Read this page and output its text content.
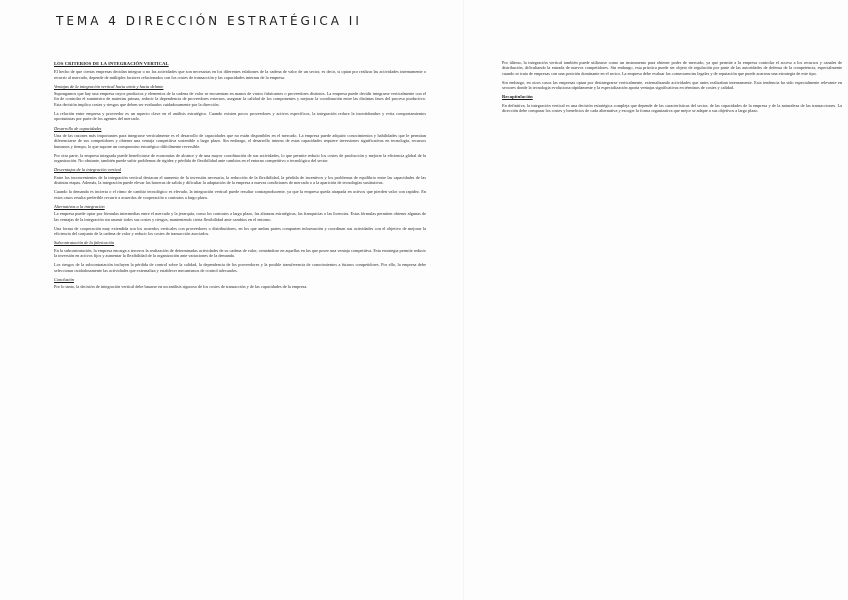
TEMA 4 DIRECCIÓN ESTRATÉGICA II
LOS CRITERIOS DE LA INTEGRACIÓN VERTICAL
El hecho de que ciertas empresas decidan integrar o no las actividades que son necesarias en los diferentes eslabones de la cadena de valor de un sector, es decir, si optan por realizar las actividades internamente o recurrir al mercado, depende de múltiples factores relacionados con los costes de transacción y las capacidades internas de la empresa.
Ventajas de la integración vertical hacia atrás y hacia delante
Supongamos que hay una empresa cuyos productos y elementos de la cadena de valor se encuentran en manos de varios fabricantes o proveedores distintos. La empresa puede decidir integrarse verticalmente con el fin de controlar el suministro de materias primas, reducir la dependencia de proveedores externos, asegurar la calidad de los componentes y mejorar la coordinación entre las distintas fases del proceso productivo. Esta decisión implica costes y riesgos que deben ser evaluados cuidadosamente por la dirección.
La relación entre empresa y proveedor es un aspecto clave en el análisis estratégico. Cuando existen pocos proveedores y activos específicos, la integración reduce la incertidumbre y evita comportamientos oportunistas por parte de los agentes del mercado.
Desarrollo de capacidades
Una de las razones más importantes para integrarse verticalmente es el desarrollo de capacidades que no están disponibles en el mercado. La empresa puede adquirir conocimientos y habilidades que le permitan diferenciarse de sus competidores y obtener una ventaja competitiva sostenible a largo plazo. Sin embargo, el desarrollo interno de estas capacidades requiere inversiones significativas en tecnología, recursos humanos y tiempo, lo que supone un compromiso estratégico difícilmente reversible.
Por otra parte, la empresa integrada puede beneficiarse de economías de alcance y de una mayor coordinación de sus actividades, lo que permite reducir los costes de producción y mejorar la eficiencia global de la organización. No obstante, también puede sufrir problemas de rigidez y pérdida de flexibilidad ante cambios en el entorno competitivo o tecnológico del sector.
Desventajas de la integración vertical
Entre los inconvenientes de la integración vertical destacan el aumento de la inversión necesaria, la reducción de la flexibilidad, la pérdida de incentivos y los problemas de equilibrio entre las capacidades de las distintas etapas. Además, la integración puede elevar las barreras de salida y dificultar la adaptación de la empresa a nuevas condiciones de mercado o a la aparición de tecnologías sustitutivas.
Cuando la demanda es incierta o el ritmo de cambio tecnológico es elevado, la integración vertical puede resultar contraproducente, ya que la empresa queda atrapada en activos que pierden valor con rapidez. En estos casos resulta preferible recurrir a acuerdos de cooperación o contratos a largo plazo.
Alternativas a la integración
La empresa puede optar por fórmulas intermedias entre el mercado y la jerarquía, como los contratos a largo plazo, las alianzas estratégicas, las franquicias o las licencias. Estas fórmulas permiten obtener algunas de las ventajas de la integración sin asumir todos sus costes y riesgos, manteniendo cierta flexibilidad ante cambios en el entorno.
Una forma de cooperación muy extendida son los acuerdos verticales con proveedores o distribuidores, en los que ambas partes comparten información y coordinan sus actividades con el objetivo de mejorar la eficiencia del conjunto de la cadena de valor y reducir los costes de transacción asociados.
Subcontratación de la fabricación
En la subcontratación, la empresa encarga a terceros la realización de determinadas actividades de su cadena de valor, centrándose en aquellas en las que posee una ventaja competitiva. Esta estrategia permite reducir la inversión en activos fijos y aumentar la flexibilidad de la organización ante variaciones de la demanda.
Los riesgos de la subcontratación incluyen la pérdida de control sobre la calidad, la dependencia de los proveedores y la posible transferencia de conocimientos a futuros competidores. Por ello, la empresa debe seleccionar cuidadosamente las actividades que externaliza y establecer mecanismos de control adecuados.
Conclusión
Por lo tanto, la decisión de integración vertical debe basarse en un análisis riguroso de los costes de transacción y de las capacidades de la empresa.
Por último, la integración vertical también puede utilizarse como un instrumento para obtener poder de mercado, ya que permite a la empresa controlar el acceso a los recursos y canales de distribución, dificultando la entrada de nuevos competidores. Sin embargo, esta práctica puede ser objeto de regulación por parte de las autoridades de defensa de la competencia, especialmente cuando se trata de empresas con una posición dominante en el sector. La empresa debe evaluar las consecuencias legales y de reputación que puede acarrear una estrategia de este tipo.
Sin embargo, en otros casos las empresas optan por desintegrarse verticalmente, externalizando actividades que antes realizaban internamente. Esta tendencia ha sido especialmente relevante en sectores donde la tecnología evoluciona rápidamente y la especialización aporta ventajas significativas en términos de costes y calidad.
Recapitulación
En definitiva, la integración vertical es una decisión estratégica compleja que depende de las características del sector, de las capacidades de la empresa y de la naturaleza de las transacciones. La dirección debe comparar los costes y beneficios de cada alternativa y escoger la forma organizativa que mejor se adapte a sus objetivos a largo plazo.
